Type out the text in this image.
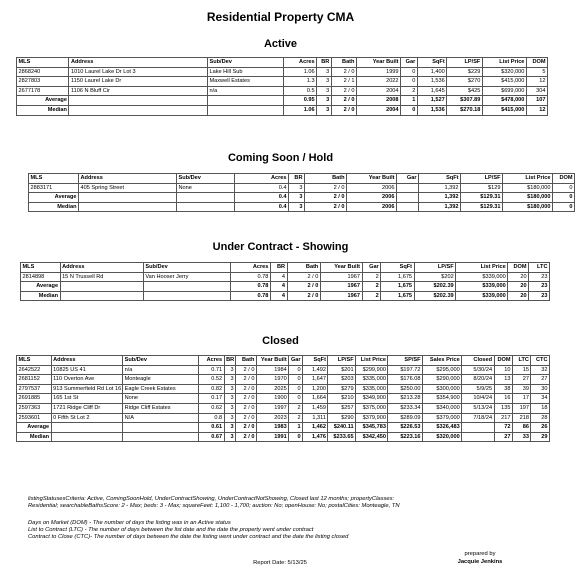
Residential Property CMA
Active
MLS	Address	Sub/Dev	Acres	BR	Bath	Year Built	Gar	SqFt	LP/SF	List Price	DOM
2868240	1010 Laurel Lake Dr Lot 3	Lake Hill Sub	1.06	3	2 / 0	1999	0	1,400	$229	$320,000	5
2827803	1150 Laurel Lake Dr	Maxwell Estates	1.3	3	2 / 1	2022	0	1,536	$270	$415,000	12
2677178	1106 N Bluff Cir	n/a	0.5	3	2 / 0	2004	2	1,645	$425	$699,000	304
Average			0.95	3	2 / 0	2008	1	1,527	$307.89	$478,000	107
Median			1.06	3	2 / 0	2004	0	1,536	$270.18	$415,000	12
Coming Soon / Hold
MLS	Address	Sub/Dev	Acres	BR	Bath	Year Built	Gar	SqFt	LP/SF	List Price	DOM
2883171	405 Spring Street	None	0.4	3	2 / 0	2006		1,392	$129	$180,000	0
Average			0.4	3	2 / 0	2006		1,392	$129.31	$180,000	0
Median			0.4	3	2 / 0	2006		1,392	$129.31	$180,000	0
Under Contract - Showing
MLS	Address	Sub/Dev	Acres	BR	Bath	Year Built	Gar	SqFt	LP/SF	List Price	DOM	LTC
2814898	15 N Trussell Rd	Van Hooser Jerry	0.78	4	2 / 0	1967	2	1,675	$202	$339,000	20	23
Average			0.78	4	2 / 0	1967	2	1,675	$202.39	$339,000	20	23
Median			0.78	4	2 / 0	1967	2	1,675	$202.39	$339,000	20	23
Closed
MLS	Address	Sub/Dev	Acres	BR	Bath	Year Built	Gar	SqFt	LP/SF	List Price	SP/SF	Sales Price	Closed	DOM	LTC	CTC
2642522	10825 US 41	n/a	0.71	3	2 / 0	1984	0	1,492	$201	$299,900	$197.72	$295,000	5/30/24	10	15	32
2681152	110 Overton Ave	Monteagle	0.52	3	2 / 0	1970	0	1,647	$203	$335,000	$176.08	$290,000	8/20/24	13	27	27
2797537	913 Summerfield Rd Lot 16	Eagle Creek Estates	0.82	3	2 / 0	2025	0	1,200	$279	$335,000	$250.00	$300,000	5/9/25	38	39	30
2691885	165 1st St	None	0.17	3	2 / 0	1900	0	1,664	$210	$349,900	$213.28	$354,900	10/4/24	16	17	34
2597363	1721 Ridge Cliff Dr	Ridge Cliff Estates	0.62	3	2 / 0	1997	2	1,459	$257	$375,000	$233.34	$340,000	5/13/24	135	197	18
2593601	0 Fifth St Lot 2	N/A	0.8	3	2 / 0	2023	2	1,311	$290	$379,900	$289.09	$379,000	7/18/24	217	218	28
Average			0.61	3	2 / 0	1983	1	1,462	$240.11	$345,783	$226.53	$326,483		72	86	26
Median			0.67	3	2 / 0	1991	0	1,476	$233.65	$342,450	$223.16	$320,000		27	33	29
listingStatusesCriteria: Active, ComingSoonHold, UnderContractShowing, UnderContractNotShowing, Closed last 12 months; propertyClasses:
Residential; searchableBathsScore: 2 - Max; beds: 3 - Max; squareFeet: 1,100 - 1,700; auction: No; openHouse: No; postalCities: Monteagle, TN
Days on Market (DOM) - The number of days the listing was in an Active status
List to Contract (LTC) - The number of days between the list date and the date the property went under contract
Contract to Close (CTC)- The number of days between the date the listing went under contract and the date the listing closed
prepared by
Jacquie Jenkins
Report Date: 5/13/25
